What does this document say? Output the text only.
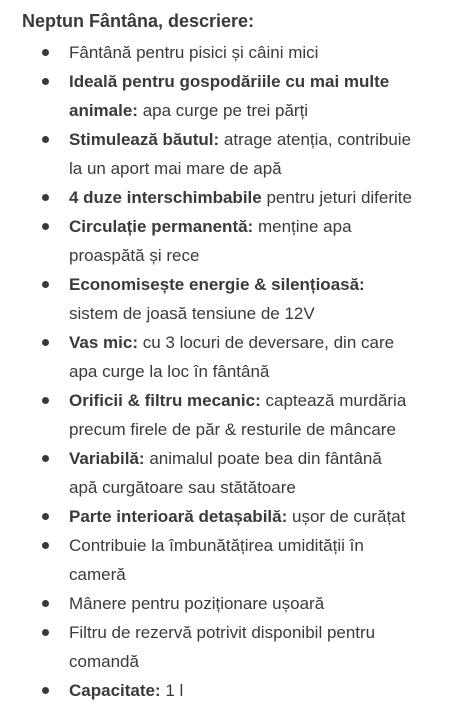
Neptun Fântâna, descriere:
Fântână pentru pisici și câini mici
Ideală pentru gospodăriile cu mai multe
animale: apa curge pe trei părți
Stimulează băutul: atrage atenția, contribuie
la un aport mai mare de apă
4 duze interschimbabile pentru jeturi diferite
Circulație permanentă: menține apa
proaspătă și rece
Economisește energie & silențioasă:
sistem de joasă tensiune de 12V
Vas mic: cu 3 locuri de deversare, din care
apa curge la loc în fântână
Orificii & filtru mecanic: captează murdăria
precum firele de păr & resturile de mâncare
Variabilă: animalul poate bea din fântână
apă curgătoare sau stătătoare
Parte interioară detașabilă: ușor de curățat
Contribuie la îmbunătățirea umidității în
cameră
Mânere pentru poziționare ușoară
Filtru de rezervă potrivit disponibil pentru
comandă
Capacitate: 1 l
